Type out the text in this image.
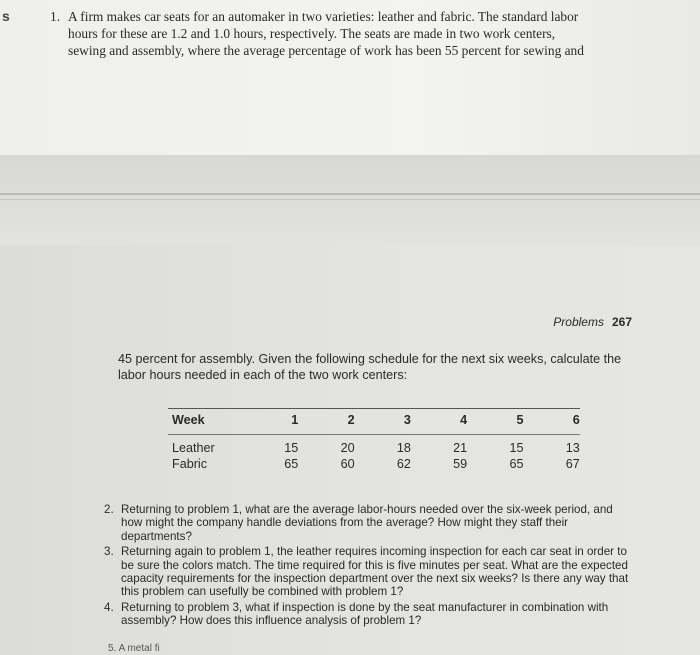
s	1. A firm makes car seats for an automaker in two varieties: leather and fabric. The standard labor
hours for these are 1.2 and 1.0 hours, respectively. The seats are made in two work centers,
sewing and assembly, where the average percentage of work has been 55 percent for sewing and
Problems 267
45 percent for assembly. Given the following schedule for the next six weeks, calculate the labor hours needed in each of the two work centers:
Week	1	2	3	4	5	6
Leather	15	20	18	21	15	13
Fabric	65	60	62	59	65	67
2. Returning to problem 1, what are the average labor-hours needed over the six-week period, and how might the company handle deviations from the average? How might they staff their departments?
3. Returning again to problem 1, the leather requires incoming inspection for each car seat in order to be sure the colors match. The time required for this is five minutes per seat. What are the expected capacity requirements for the inspection department over the next six weeks? Is there any way that this problem can usefully be combined with problem 1?
4. Returning to problem 3, what if inspection is done by the seat manufacturer in combination with assembly? How does this influence analysis of problem 1?
5. A metal fi
